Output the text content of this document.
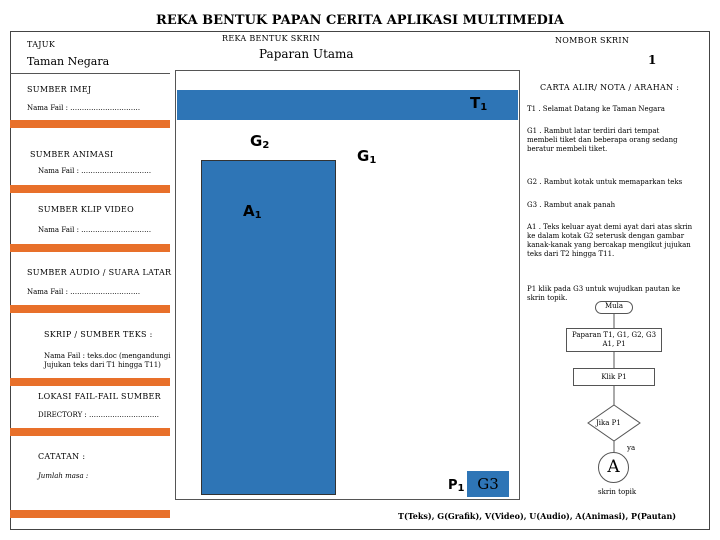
REKA BENTUK PAPAN CERITA APLIKASI MULTIMEDIA
TAJUK
Taman Negara
REKA BENTUK SKRIN
Paparan Utama
NOMBOR SKRIN
1
SUMBER IMEJ
Nama Fail : …………………………
SUMBER ANIMASI
Nama Fail : …………………………
SUMBER KLIP VIDEO
Nama Fail : …………………………
SUMBER AUDIO / SUARA LATAR
Nama Fail : …………………………
SKRIP / SUMBER TEKS :
Nama Fail : teks.doc (mengandungi Jujukan teks dari T1 hingga T11)
LOKASI FAIL-FAIL SUMBER
DIRECTORY : …………………………
CATATAN :
Jumlah masa :
$T_1$
$G_2$
$G_1$
$A_1$
$P_1$ G3
CARTA ALIR/ NOTA / ARAHAN :
T1 . Selamat Datang ke Taman Negara
G1 . Rambut latar terdiri dari tempat membeli tiket dan beberapa orang sedang beratur membeli tiket.
G2 . Rambut kotak untuk memaparkan teks
G3 . Rambut anak panah
A1 . Teks keluar ayat demi ayat dari atas skrin ke dalam kotak G2 seterusk dengan gambar kanak-kanak yang bercakap mengikut jujukan teks dari T2 hingga T11.
P1 klik pada G3 untuk wujudkan pautan ke skrin topik.
Mula
Paparan T1, G1, G2, G3 A1, P1
Klik P1
Jika P1
ya
A
skrin topik
T(Teks), G(Grafik), V(Video), U(Audio), A(Animasi), P(Pautan)
